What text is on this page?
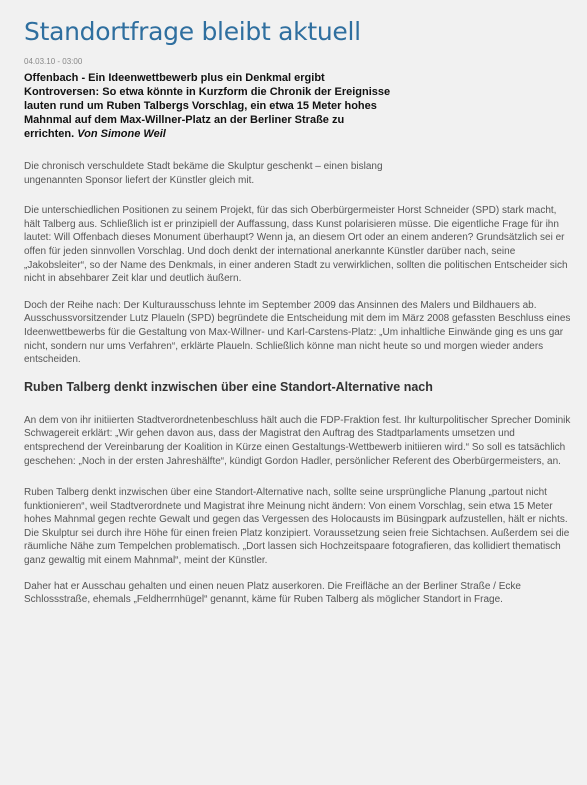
Standortfrage bleibt aktuell
04.03.10 - 03:00

Offenbach - Ein Ideenwettbewerb plus ein Denkmal ergibt Kontroversen: So etwa könnte in Kurzform die Chronik der Ereignisse lauten rund um Ruben Talbergs Vorschlag, ein etwa 15 Meter hohes Mahnmal auf dem Max-Willner-Platz an der Berliner Straße zu errichten. Von Simone Weil

Die chronisch verschuldete Stadt bekäme die Skulptur geschenkt – einen bislang ungenannten Sponsor liefert der Künstler gleich mit.

Die unterschiedlichen Positionen zu seinem Projekt, für das sich Oberbürgermeister Horst Schneider (SPD) stark macht, hält Talberg aus. Schließlich ist er prinzipiell der Auffassung, dass Kunst polarisieren müsse. Die eigentliche Frage für ihn lautet: Will Offenbach dieses Monument überhaupt? Wenn ja, an diesem Ort oder an einem anderen? Grundsätzlich sei er offen für jeden sinnvollen Vorschlag. Und doch denkt der international anerkannte Künstler darüber nach, seine „Jakobsleiter“, so der Name des Denkmals, in einer anderen Stadt zu verwirklichen, sollten die politischen Entscheider sich nicht in absehbarer Zeit klar und deutlich äußern.

Doch der Reihe nach: Der Kulturausschuss lehnte im September 2009 das Ansinnen des Malers und Bildhauers ab. Ausschussvorsitzender Lutz Plaueln (SPD) begründete die Entscheidung mit dem im März 2008 gefassten Beschluss eines Ideenwettbewerbs für die Gestaltung von Max-Willner- und Karl-Carstens-Platz: „Um inhaltliche Einwände ging es uns gar nicht, sondern nur ums Verfahren“, erklärte Plaueln. Schließlich könne man nicht heute so und morgen wieder anders entscheiden.

Ruben Talberg denkt inzwischen über eine Standort-Alternative nach

An dem von ihr initiierten Stadtverordnetenbeschluss hält auch die FDP-Fraktion fest. Ihr kulturpolitischer Sprecher Dominik Schwagereit erklärt: „Wir gehen davon aus, dass der Magistrat den Auftrag des Stadtparlaments umsetzen und entsprechend der Vereinbarung der Koalition in Kürze einen Gestaltungs-Wettbewerb initiieren wird.“ So soll es tatsächlich geschehen: „Noch in der ersten Jahreshälfte“, kündigt Gordon Hadler, persönlicher Referent des Oberbürgermeisters, an.

Ruben Talberg denkt inzwischen über eine Standort-Alternative nach, sollte seine ursprüngliche Planung „partout nicht funktionieren“, weil Stadtverordnete und Magistrat ihre Meinung nicht ändern: Von einem Vorschlag, sein etwa 15 Meter hohes Mahnmal gegen rechte Gewalt und gegen das Vergessen des Holocausts im Büsingpark aufzustellen, hält er nichts. Die Skulptur sei durch ihre Höhe für einen freien Platz konzipiert. Voraussetzung seien freie Sichtachsen. Außerdem sei die räumliche Nähe zum Tempelchen problematisch. „Dort lassen sich Hochzeitspaare fotografieren, das kollidiert thematisch ganz gewaltig mit einem Mahnmal“, meint der Künstler.

Daher hat er Ausschau gehalten und einen neuen Platz auserkoren. Die Freifläche an der Berliner Straße / Ecke Schlossstraße, ehemals „Feldherrnhügel“ genannt, käme für Ruben Talberg als möglicher Standort in Frage.
